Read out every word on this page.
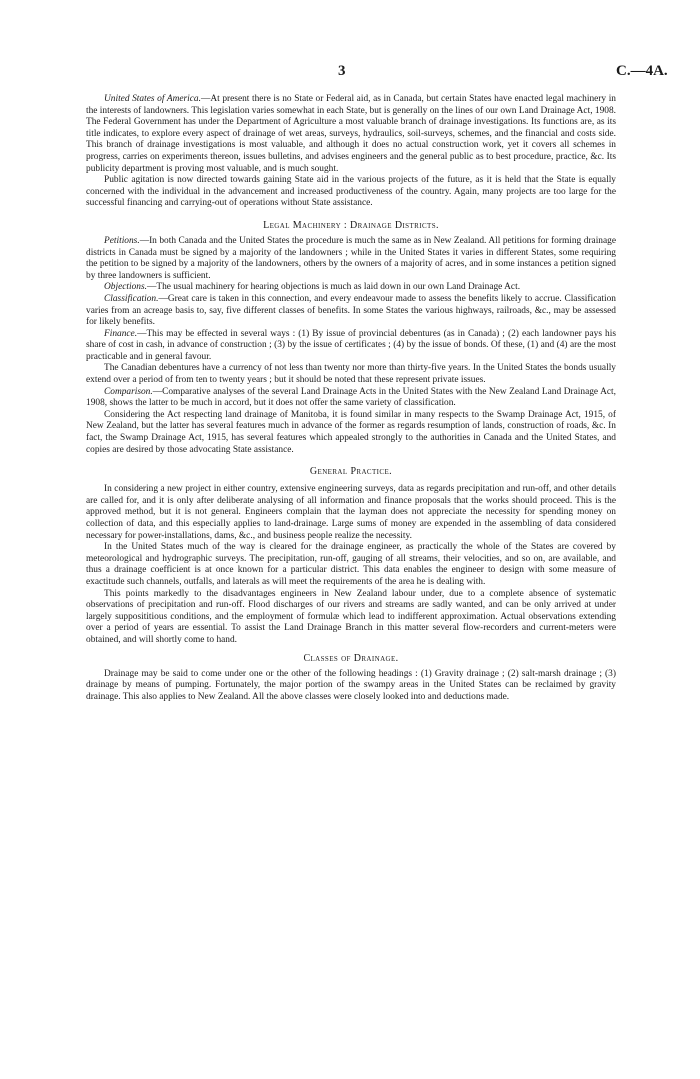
3	C.—4A.

United States of America.—At present there is no State or Federal aid, as in Canada, but certain States have enacted legal machinery in the interests of landowners. This legislation varies somewhat in each State, but is generally on the lines of our own Land Drainage Act, 1908. The Federal Government has under the Department of Agriculture a most valuable branch of drainage investigations. Its functions are, as its title indicates, to explore every aspect of drainage of wet areas, surveys, hydraulics, soil-surveys, schemes, and the financial and costs side. This branch of drainage investigations is most valuable, and although it does no actual construction work, yet it covers all schemes in progress, carries on experiments thereon, issues bulletins, and advises engineers and the general public as to best procedure, practice, &c. Its publicity department is proving most valuable, and is much sought.

Public agitation is now directed towards gaining State aid in the various projects of the future, as it is held that the State is equally concerned with the individual in the advancement and increased productiveness of the country. Again, many projects are too large for the successful financing and carrying-out of operations without State assistance.

Legal Machinery : Drainage Districts.

Petitions.—In both Canada and the United States the procedure is much the same as in New Zealand. All petitions for forming drainage districts in Canada must be signed by a majority of the landowners ; while in the United States it varies in different States, some requiring the petition to be signed by a majority of the landowners, others by the owners of a majority of acres, and in some instances a petition signed by three landowners is sufficient.

Objections.—The usual machinery for hearing objections is much as laid down in our own Land Drainage Act.

Classification.—Great care is taken in this connection, and every endeavour made to assess the benefits likely to accrue. Classification varies from an acreage basis to, say, five different classes of benefits. In some States the various highways, railroads, &c., may be assessed for likely benefits.

Finance.—This may be effected in several ways : (1) By issue of provincial debentures (as in Canada) ; (2) each landowner pays his share of cost in cash, in advance of construction ; (3) by the issue of certificates ; (4) by the issue of bonds. Of these, (1) and (4) are the most practicable and in general favour.

The Canadian debentures have a currency of not less than twenty nor more than thirty-five years. In the United States the bonds usually extend over a period of from ten to twenty years ; but it should be noted that these represent private issues.

Comparison.—Comparative analyses of the several Land Drainage Acts in the United States with the New Zealand Land Drainage Act, 1908, shows the latter to be much in accord, but it does not offer the same variety of classification.

Considering the Act respecting land drainage of Manitoba, it is found similar in many respects to the Swamp Drainage Act, 1915, of New Zealand, but the latter has several features much in advance of the former as regards resumption of lands, construction of roads, &c. In fact, the Swamp Drainage Act, 1915, has several features which appealed strongly to the authorities in Canada and the United States, and copies are desired by those advocating State assistance.

General Practice.

In considering a new project in either country, extensive engineering surveys, data as regards precipitation and run-off, and other details are called for, and it is only after deliberate analysing of all information and finance proposals that the works should proceed. This is the approved method, but it is not general. Engineers complain that the layman does not appreciate the necessity for spending money on collection of data, and this especially applies to land-drainage. Large sums of money are expended in the assembling of data considered necessary for power-installations, dams, &c., and business people realize the necessity.

In the United States much of the way is cleared for the drainage engineer, as practically the whole of the States are covered by meteorological and hydrographic surveys. The precipitation, run-off, gauging of all streams, their velocities, and so on, are available, and thus a drainage coefficient is at once known for a particular district. This data enables the engineer to design with some measure of exactitude such channels, outfalls, and laterals as will meet the requirements of the area he is dealing with.

This points markedly to the disadvantages engineers in New Zealand labour under, due to a complete absence of systematic observations of precipitation and run-off. Flood discharges of our rivers and streams are sadly wanted, and can be only arrived at under largely supposititious conditions, and the employment of formulæ which lead to indifferent approximation. Actual observations extending over a period of years are essential. To assist the Land Drainage Branch in this matter several flow-recorders and current-meters were obtained, and will shortly come to hand.

Classes of Drainage.

Drainage may be said to come under one or the other of the following headings : (1) Gravity drainage ; (2) salt-marsh drainage ; (3) drainage by means of pumping. Fortunately, the major portion of the swampy areas in the United States can be reclaimed by gravity drainage. This also applies to New Zealand. All the above classes were closely looked into and deductions made.
